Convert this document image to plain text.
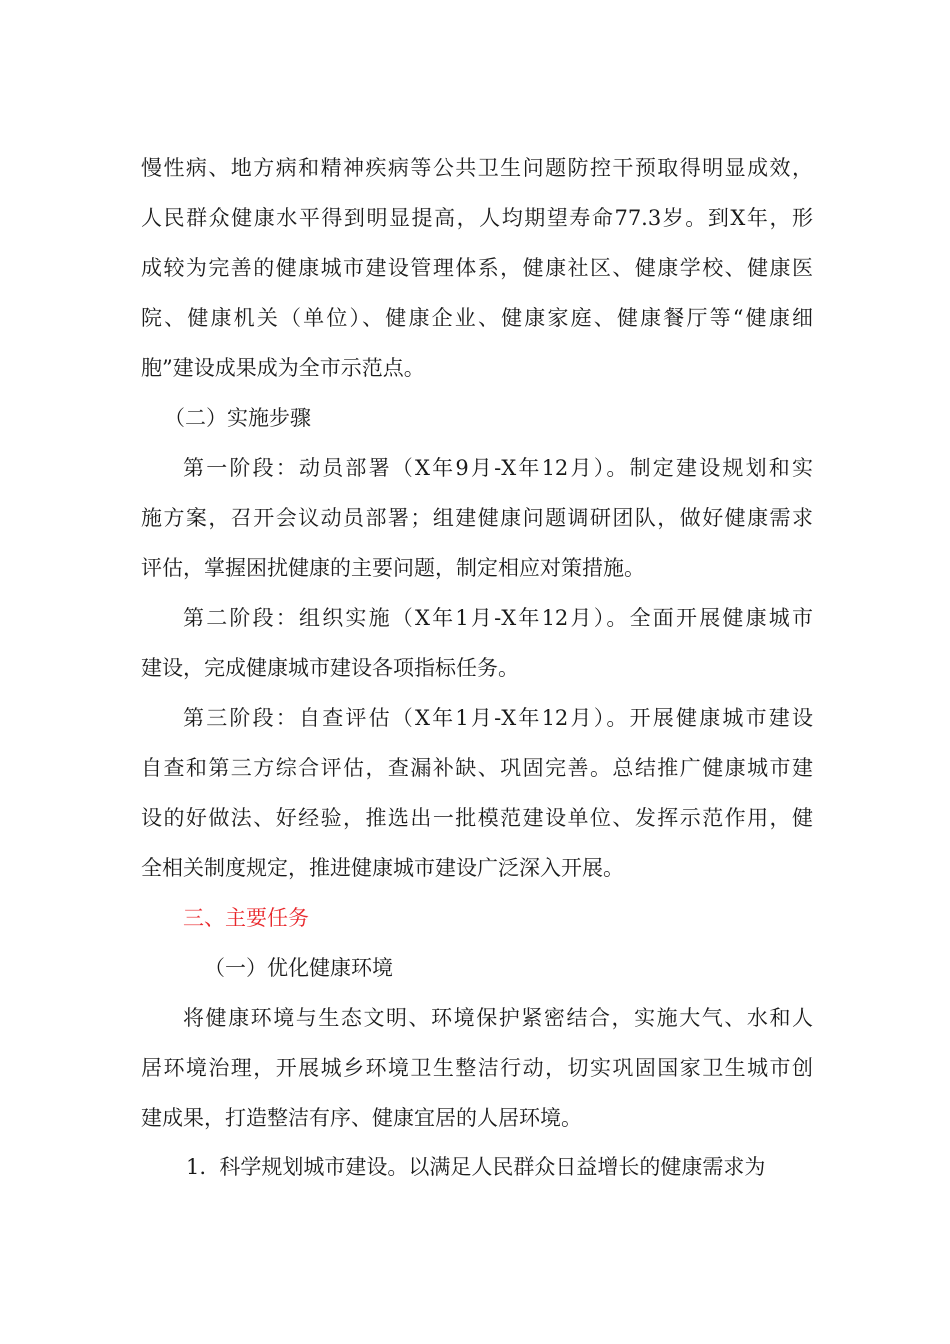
慢性病、地方病和精神疾病等公共卫生问题防控干预取得明显成效，
人民群众健康水平得到明显提高，人均期望寿命77.3岁。到X年，形
成较为完善的健康城市建设管理体系，健康社区、健康学校、健康医
院、健康机关（单位）、健康企业、健康家庭、健康餐厅等“健康细
胞”建设成果成为全市示范点。
（二）实施步骤
第一阶段：动员部署（X年9月-X年12月）。制定建设规划和实
施方案，召开会议动员部署；组建健康问题调研团队，做好健康需求
评估，掌握困扰健康的主要问题，制定相应对策措施。
第二阶段：组织实施（X年1月-X年12月）。全面开展健康城市
建设，完成健康城市建设各项指标任务。
第三阶段：自查评估（X年1月-X年12月）。开展健康城市建设
自查和第三方综合评估，查漏补缺、巩固完善。总结推广健康城市建
设的好做法、好经验，推选出一批模范建设单位、发挥示范作用，健
全相关制度规定，推进健康城市建设广泛深入开展。
三、主要任务
（一）优化健康环境
将健康环境与生态文明、环境保护紧密结合，实施大气、水和人
居环境治理，开展城乡环境卫生整洁行动，切实巩固国家卫生城市创
建成果，打造整洁有序、健康宜居的人居环境。
1.  科学规划城市建设。以满足人民群众日益增长的健康需求为
